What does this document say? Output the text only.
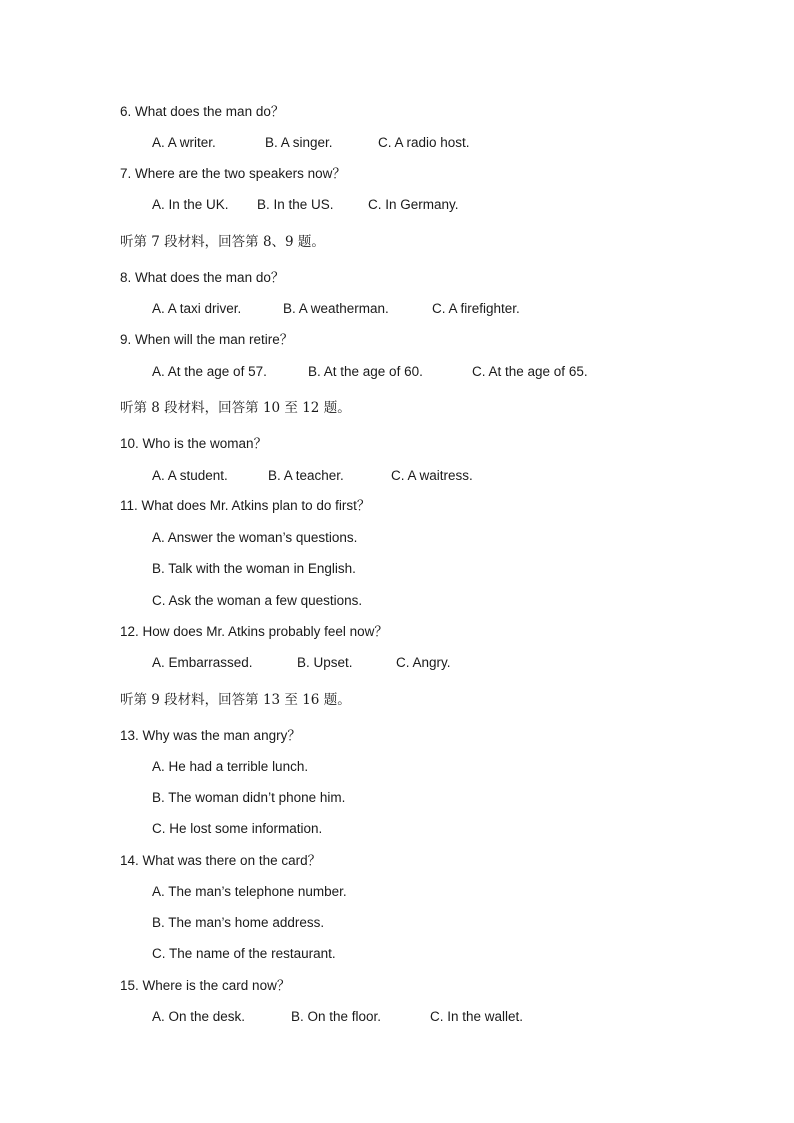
6. What does the man do？
A. A writer.	B. A singer.	C. A radio host.
7. Where are the two speakers now？
A. In the UK. B. In the US.	C. In Germany.
听第 7 段材料，回答第 8、9 题。
8. What does the man do？
A. A taxi driver.	B. A weatherman.	C. A firefighter.
9. When will the man retire？
A. At the age of 57.	B. At the age of 60.	C. At the age of 65.
听第 8 段材料，回答第 10 至 12 题。
10. Who is the woman？
A. A student.	B. A teacher.	C. A waitress.
11. What does Mr. Atkins plan to do first？
A. Answer the woman’s questions.
B. Talk with the woman in English.
C. Ask the woman a few questions.
12. How does Mr. Atkins probably feel now？
A. Embarrassed.	B. Upset.	C. Angry.
听第 9 段材料，回答第 13 至 16 题。
13. Why was the man angry？
A. He had a terrible lunch.
B. The woman didn’t phone him.
C. He lost some information.
14. What was there on the card？
A. The man’s telephone number.
B. The man’s home address.
C. The name of the restaurant.
15. Where is the card now？
A. On the desk.	B. On the floor.	C. In the wallet.
